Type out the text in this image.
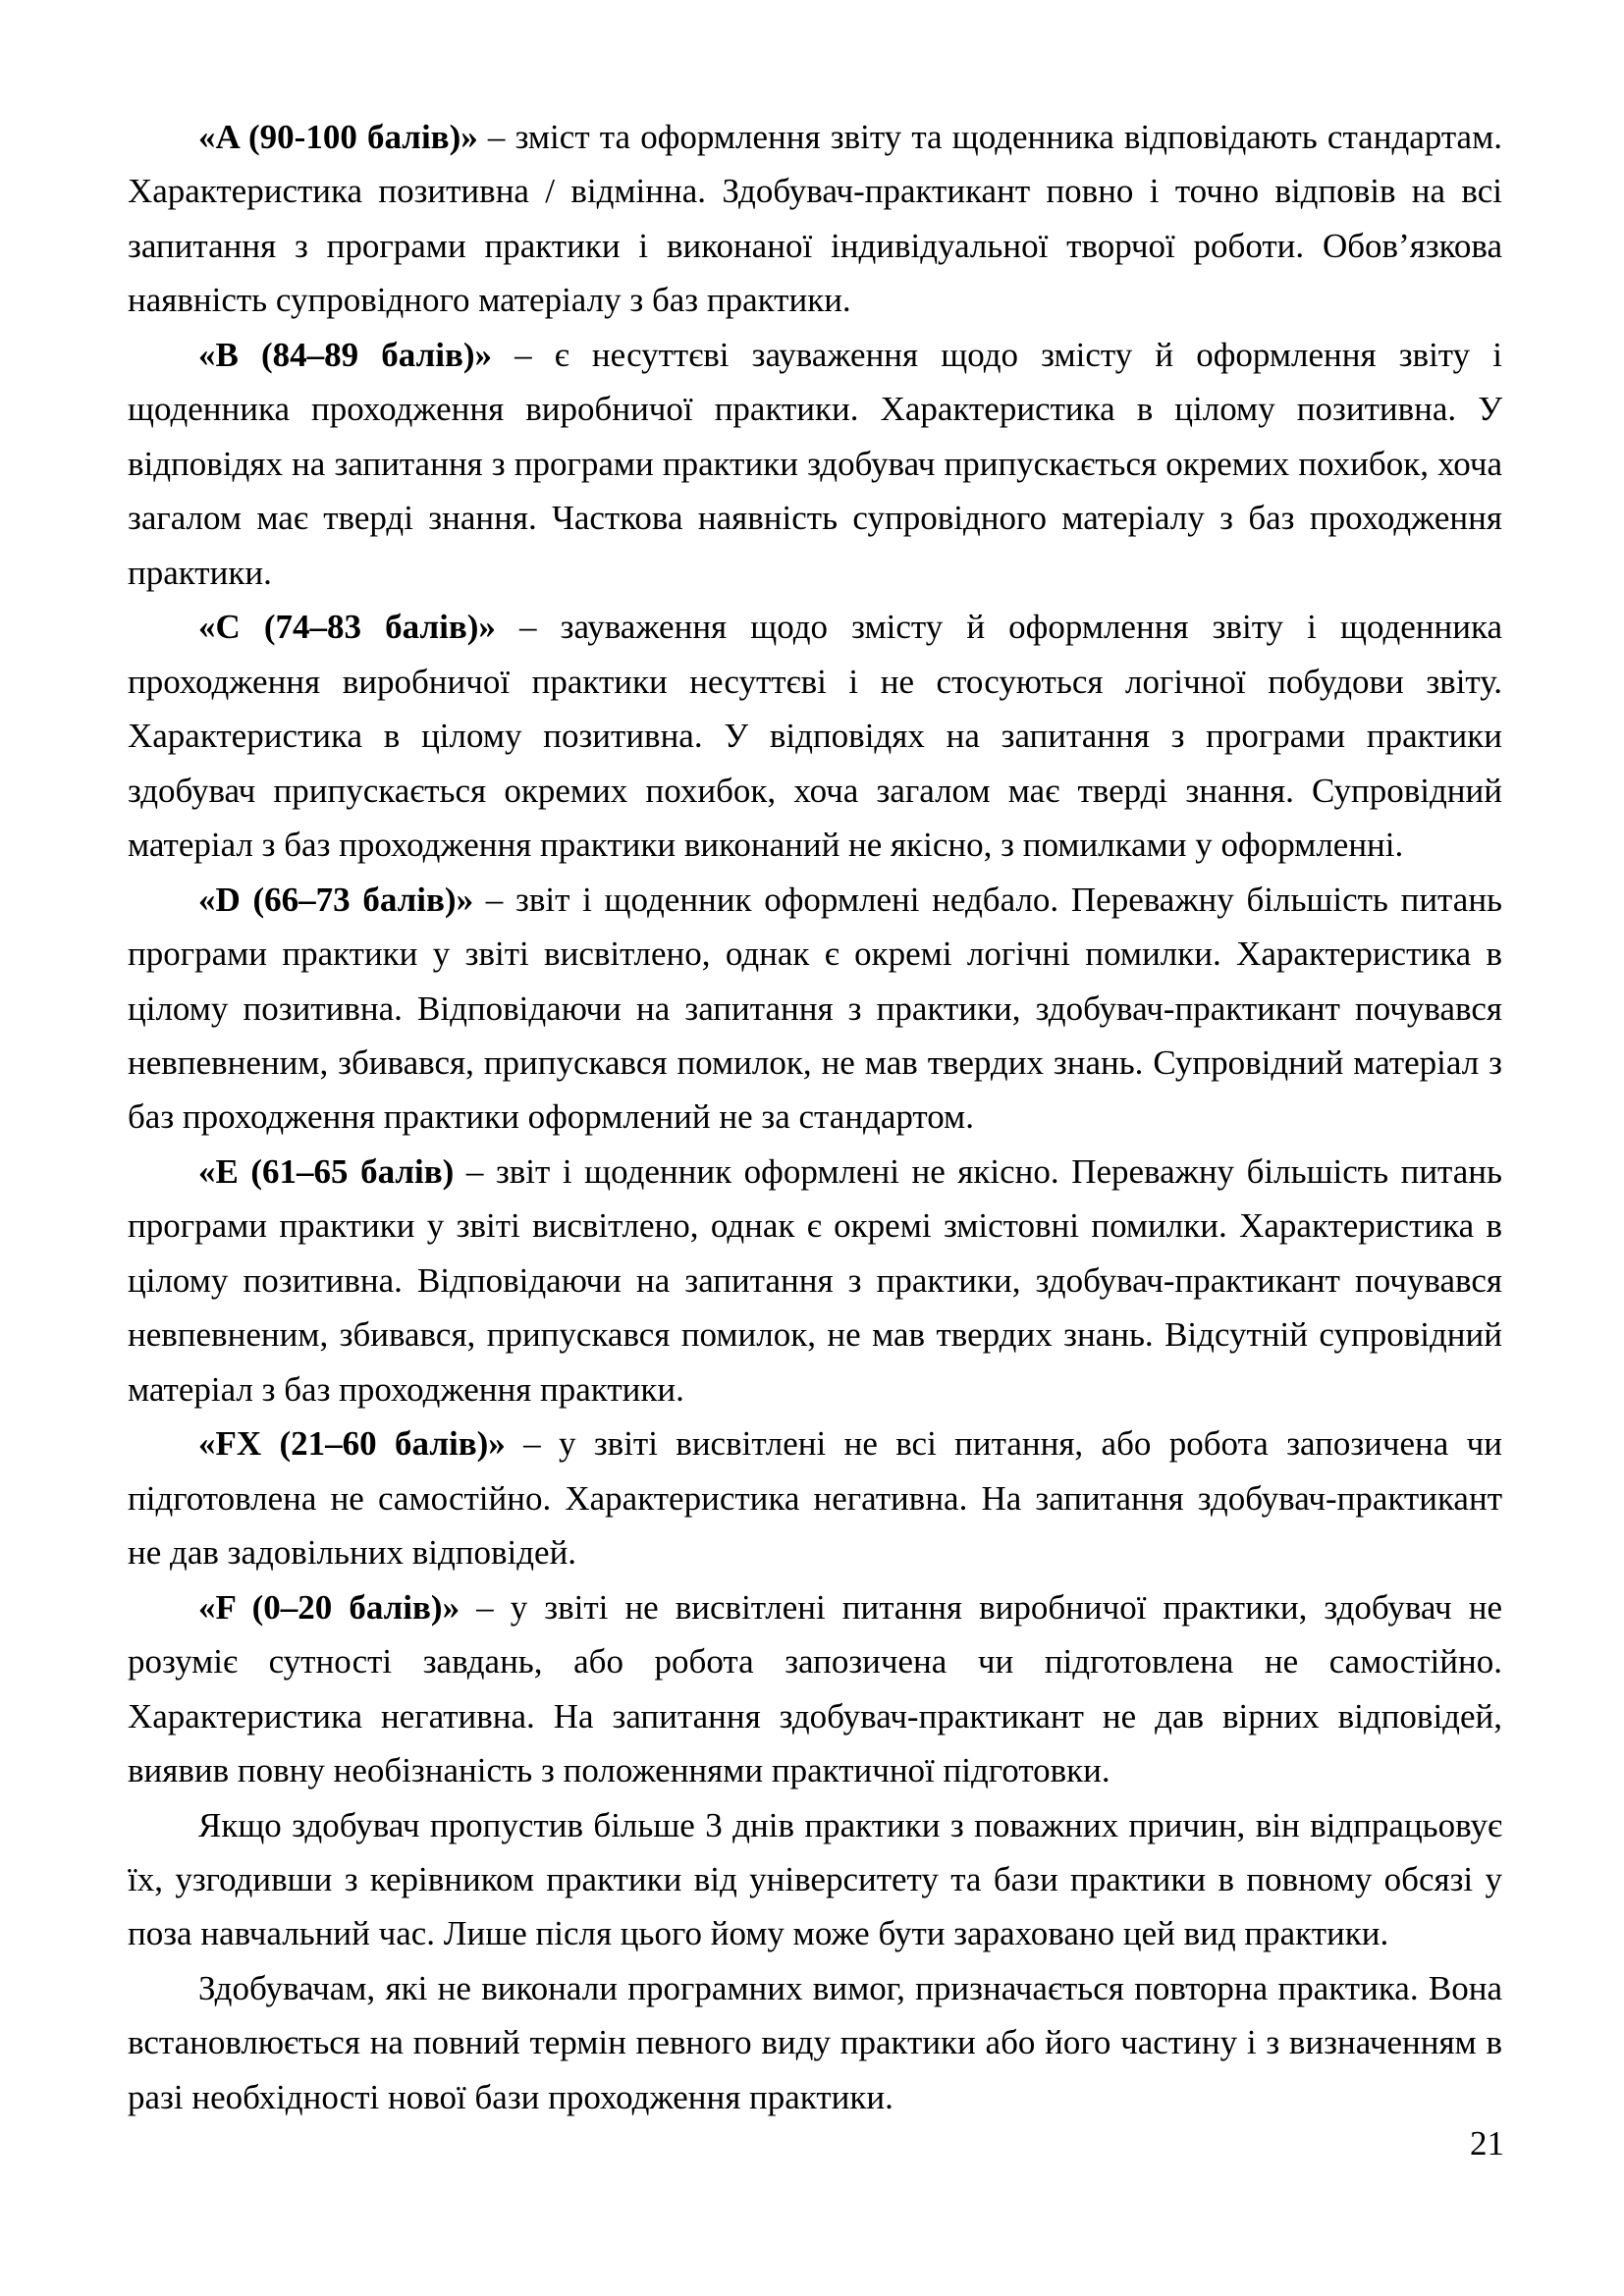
«A (90-100 балів)» – зміст та оформлення звіту та щоденника відповідають стандартам. Характеристика позитивна / відмінна. Здобувач-практикант повно і точно відповів на всі запитання з програми практики і виконаної індивідуальної творчої роботи. Обов’язкова наявність супровідного матеріалу з баз практики.

«B (84–89 балів)» – є несуттєві зауваження щодо змісту й оформлення звіту і щоденника проходження виробничої практики. Характеристика в цілому позитивна. У відповідях на запитання з програми практики здобувач припускається окремих похибок, хоча загалом має тверді знання. Часткова наявність супровідного матеріалу з баз проходження практики.

«C (74–83 балів)» – зауваження щодо змісту й оформлення звіту і щоденника проходження виробничої практики несуттєві і не стосуються логічної побудови звіту. Характеристика в цілому позитивна. У відповідях на запитання з програми практики здобувач припускається окремих похибок, хоча загалом має тверді знання. Супровідний матеріал з баз проходження практики виконаний не якісно, з помилками у оформленні.

«D (66–73 балів)» – звіт і щоденник оформлені недбало. Переважну більшість питань програми практики у звіті висвітлено, однак є окремі логічні помилки. Характеристика в цілому позитивна. Відповідаючи на запитання з практики, здобувач-практикант почувався невпевненим, збивався, припускався помилок, не мав твердих знань. Супровідний матеріал з баз проходження практики оформлений не за стандартом.

«E (61–65 балів) – звіт і щоденник оформлені не якісно. Переважну більшість питань програми практики у звіті висвітлено, однак є окремі змістовні помилки. Характеристика в цілому позитивна. Відповідаючи на запитання з практики, здобувач-практикант почувався невпевненим, збивався, припускався помилок, не мав твердих знань. Відсутній супровідний матеріал з баз проходження практики.

«FX (21–60 балів)» – у звіті висвітлені не всі питання, або робота запозичена чи підготовлена не самостійно. Характеристика негативна. На запитання здобувач-практикант не дав задовільних відповідей.

«F (0–20 балів)» – у звіті не висвітлені питання виробничої практики, здобувач не розуміє сутності завдань, або робота запозичена чи підготовлена не самостійно. Характеристика негативна. На запитання здобувач-практикант не дав вірних відповідей, виявив повну необізнаність з положеннями практичної підготовки.

Якщо здобувач пропустив більше 3 днів практики з поважних причин, він відпрацьовує їх, узгодивши з керівником практики від університету та бази практики в повному обсязі у поза навчальний час. Лише після цього йому може бути зараховано цей вид практики.

Здобувачам, які не виконали програмних вимог, призначається повторна практика. Вона встановлюється на повний термін певного виду практики або його частину і з визначенням в разі необхідності нової бази проходження практики.

21
